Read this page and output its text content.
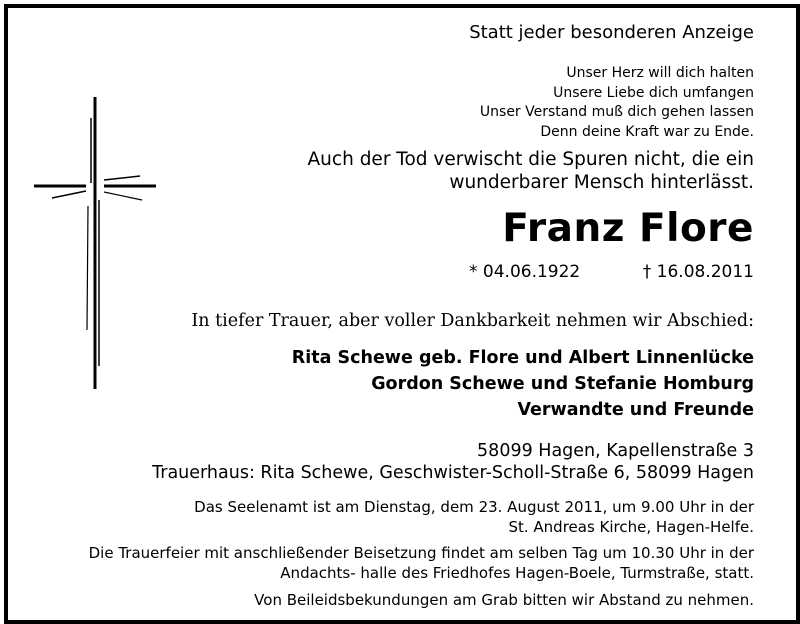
Statt jeder besonderen Anzeige
Unser Herz will dich halten
Unsere Liebe dich umfangen
Unser Verstand muß dich gehen lassen
Denn deine Kraft war zu Ende.
Auch der Tod verwischt die Spuren nicht, die ein
wunderbarer Mensch hinterlässt.
Franz Flore
* 04.06.1922	† 16.08.2011
In tiefer Trauer, aber voller Dankbarkeit nehmen wir Abschied:
Rita Schewe geb. Flore und Albert Linnenlücke
Gordon Schewe und Stefanie Homburg
Verwandte und Freunde
58099 Hagen, Kapellenstraße 3
Trauerhaus: Rita Schewe, Geschwister-Scholl-Straße 6, 58099 Hagen
Das Seelenamt ist am Dienstag, dem 23. August 2011, um 9.00 Uhr in der
St. Andreas Kirche, Hagen-Helfe.
Die Trauerfeier mit anschließender Beisetzung findet am selben Tag um 10.30 Uhr in der
Andachts- halle des Friedhofes Hagen-Boele, Turmstraße, statt.
Von Beileidsbekundungen am Grab bitten wir Abstand zu nehmen.
